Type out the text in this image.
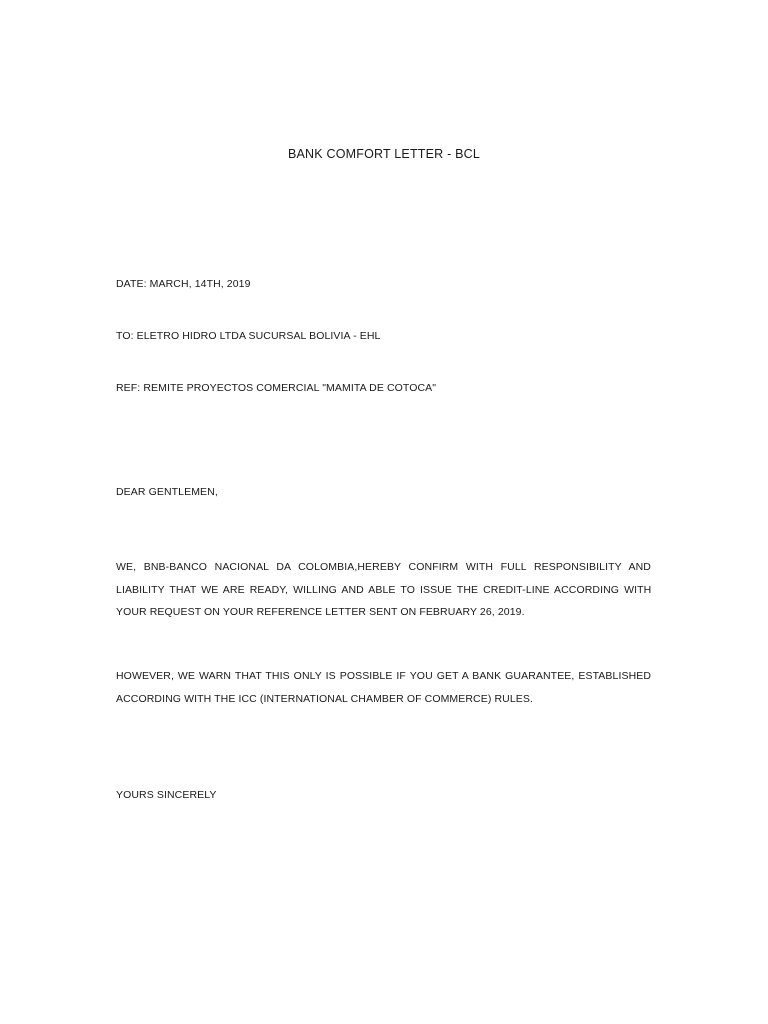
BANK COMFORT LETTER - BCL
DATE: MARCH, 14TH, 2019
TO: ELETRO HIDRO LTDA SUCURSAL BOLIVIA - EHL
REF: REMITE PROYECTOS COMERCIAL "MAMITA DE COTOCA"
DEAR GENTLEMEN,
WE, BNB-BANCO NACIONAL DA COLOMBIA,HEREBY CONFIRM WITH FULL RESPONSIBILITY AND
LIABILITY THAT WE ARE READY, WILLING AND ABLE TO ISSUE THE CREDIT-LINE ACCORDING WITH
YOUR REQUEST ON YOUR REFERENCE LETTER SENT ON FEBRUARY 26, 2019.
HOWEVER, WE WARN THAT THIS ONLY IS POSSIBLE IF YOU GET A BANK GUARANTEE, ESTABLISHED
ACCORDING WITH THE ICC (INTERNATIONAL CHAMBER OF COMMERCE) RULES.
YOURS SINCERELY
